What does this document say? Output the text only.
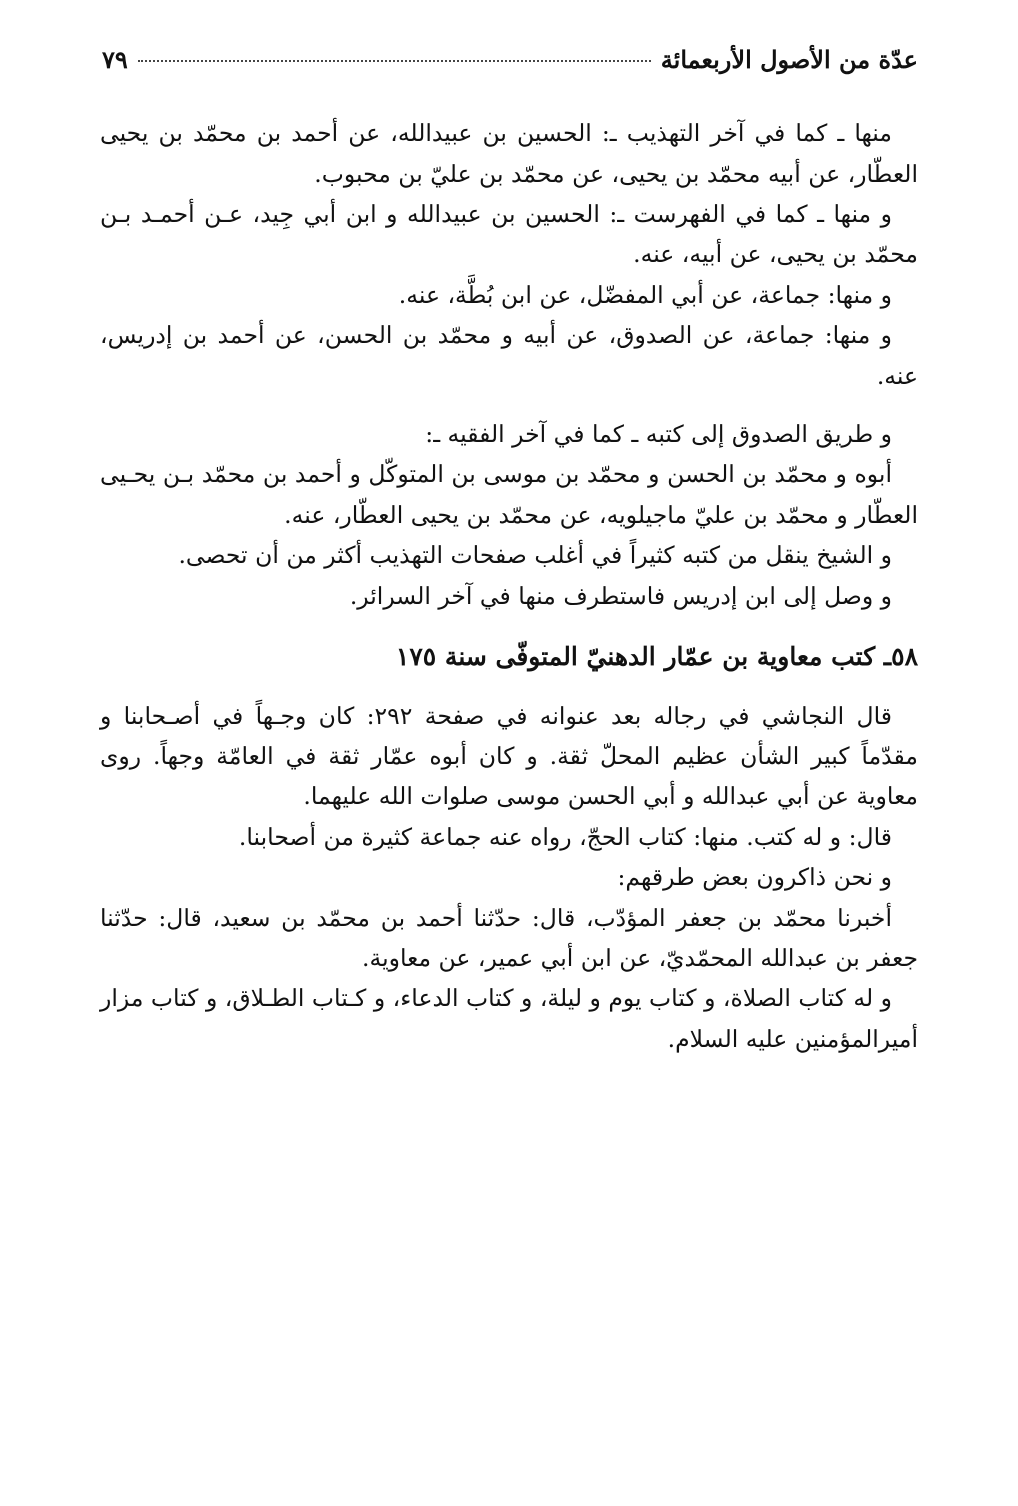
عدّة من الأصول الأربعمائة
٧٩

منها ـ كما في آخر التهذيب ـ: الحسين بن عبيدالله، عن أحمد بن محمّد بن يحيى العطّار، عن أبيه محمّد بن يحيى، عن محمّد بن عليّ بن محبوب.

و منها ـ كما في الفهرست ـ: الحسين بن عبيدالله و ابن أبي جِيد، عـن أحمـد بـن محمّد بن يحيى، عن أبيه، عنه.

و منها: جماعة، عن أبي المفضّل، عن ابن بُطَّة، عنه.

و منها: جماعة، عن الصدوق، عن أبيه و محمّد بن الحسن، عن أحمد بن إدريس، عنه.

و طريق الصدوق إلى كتبه ـ كما في آخر الفقيه ـ:

أبوه و محمّد بن الحسن و محمّد بن موسى بن المتوكّل و أحمد بن محمّد بـن يحـيى العطّار و محمّد بن عليّ ماجيلويه، عن محمّد بن يحيى العطّار، عنه.

و الشيخ ينقل من كتبه كثيراً في أغلب صفحات التهذيب أكثر من أن تحصى.

و وصل إلى ابن إدريس فاستطرف منها في آخر السرائر.

٥٨ـ كتب معاوية بن عمّار الدهنيّ المتوفّى سنة ١٧٥

قال النجاشي في رجاله بعد عنوانه في صفحة ٢٩٢: كان وجـهاً في أصـحابنا و مقدّماً كبير الشأن عظيم المحلّ ثقة. و كان أبوه عمّار ثقة في العامّة وجهاً. روى معاوية عن أبي عبدالله و أبي الحسن موسى صلوات الله عليهما.

قال: و له كتب. منها: كتاب الحجّ، رواه عنه جماعة كثيرة من أصحابنا.

و نحن ذاكرون بعض طرقهم:

أخبرنا محمّد بن جعفر المؤدّب، قال: حدّثنا أحمد بن محمّد بن سعيد، قال: حدّثنا جعفر بن عبدالله المحمّديّ، عن ابن أبي عمير، عن معاوية.

و له كتاب الصلاة، و كتاب يوم و ليلة، و كتاب الدعاء، و كـتاب الطـلاق، و كتاب مزار أميرالمؤمنين عليه السلام.
